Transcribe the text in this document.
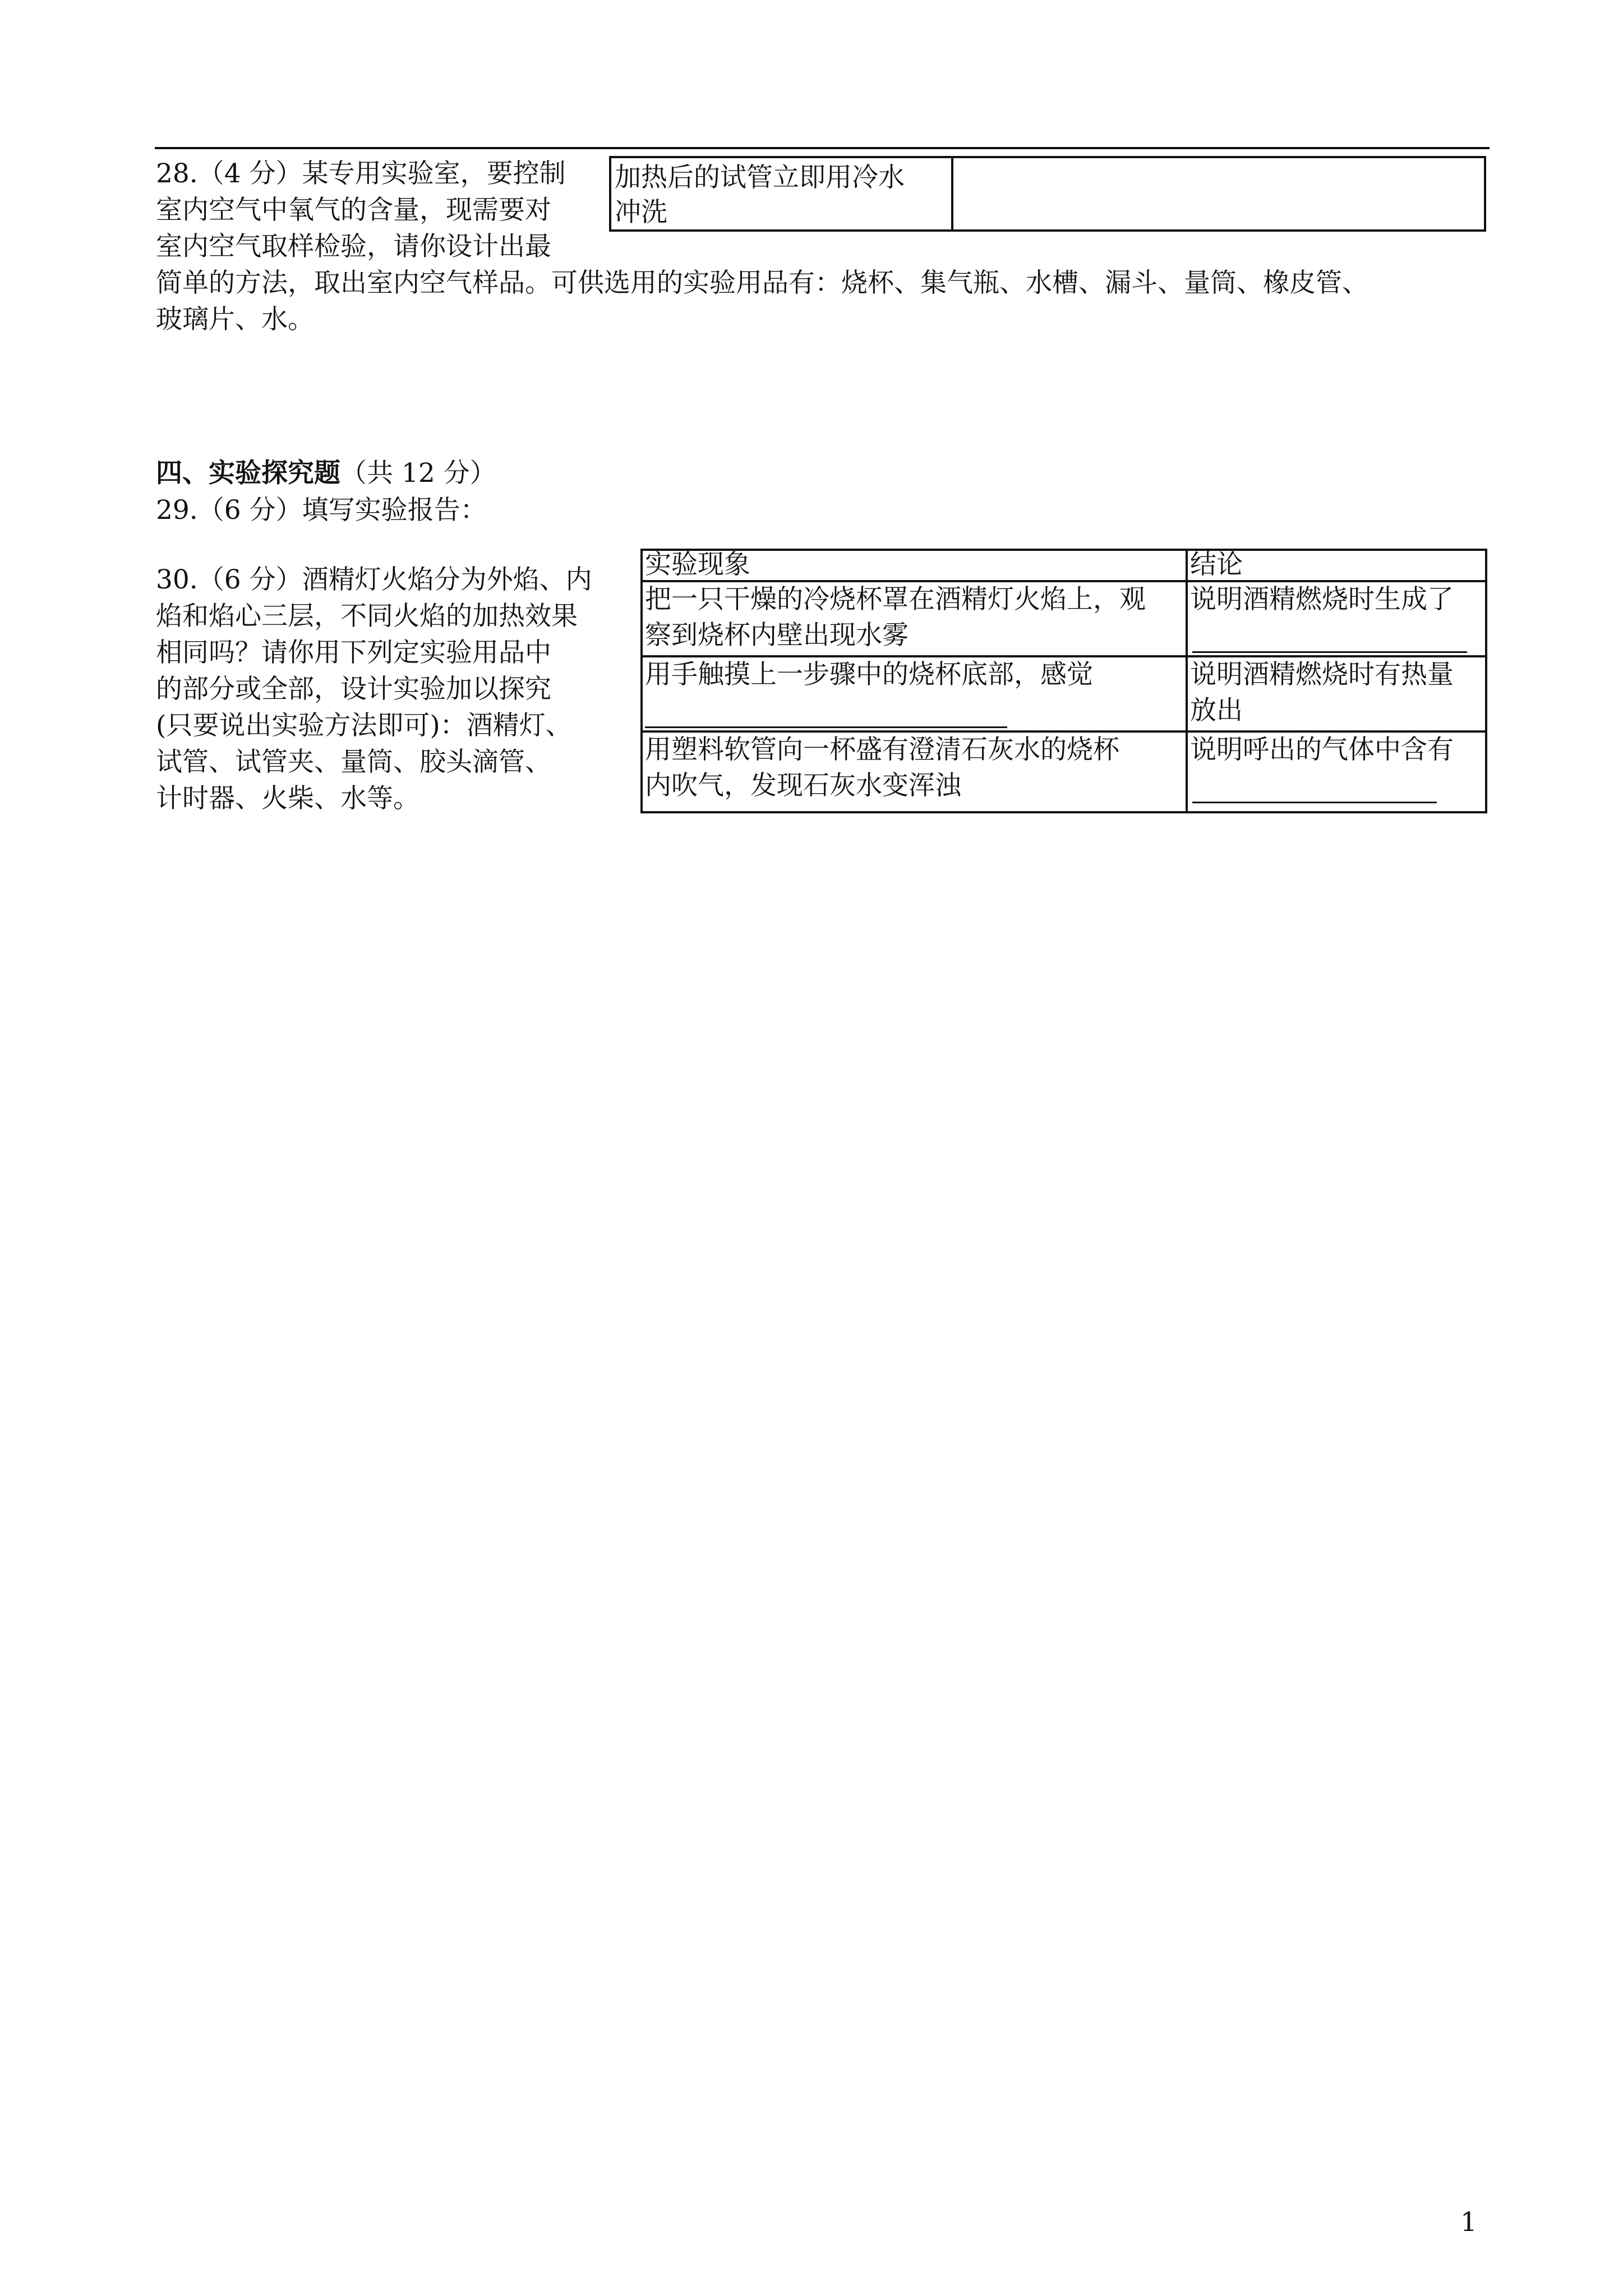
28.（4 分）某专用实验室，要控制
室内空气中氧气的含量，现需要对
室内空气取样检验，请你设计出最
简单的方法，取出室内空气样品。可供选用的实验用品有：烧杯、集气瓶、水槽、漏斗、量筒、橡皮管、
玻璃片、水。
加热后的试管立即用冷水
冲洗
四、实验探究题（共 12 分）
29.（6 分）填写实验报告：
30.（6 分）酒精灯火焰分为外焰、内
焰和焰心三层，不同火焰的加热效果
相同吗？请你用下列定实验用品中
的部分或全部，设计实验加以探究
(只要说出实验方法即可)：酒精灯、
试管、试管夹、量筒、胶头滴管、
计时器、火柴、水等。
实验现象	结论
把一只干燥的冷烧杯罩在酒精灯火焰上，观
察到烧杯内壁出现水雾
说明酒精燃烧时生成了
用手触摸上一步骤中的烧杯底部，感觉	说明酒精燃烧时有热量
放出
用塑料软管向一杯盛有澄清石灰水的烧杯
内吹气，发现石灰水变浑浊
说明呼出的气体中含有
1
